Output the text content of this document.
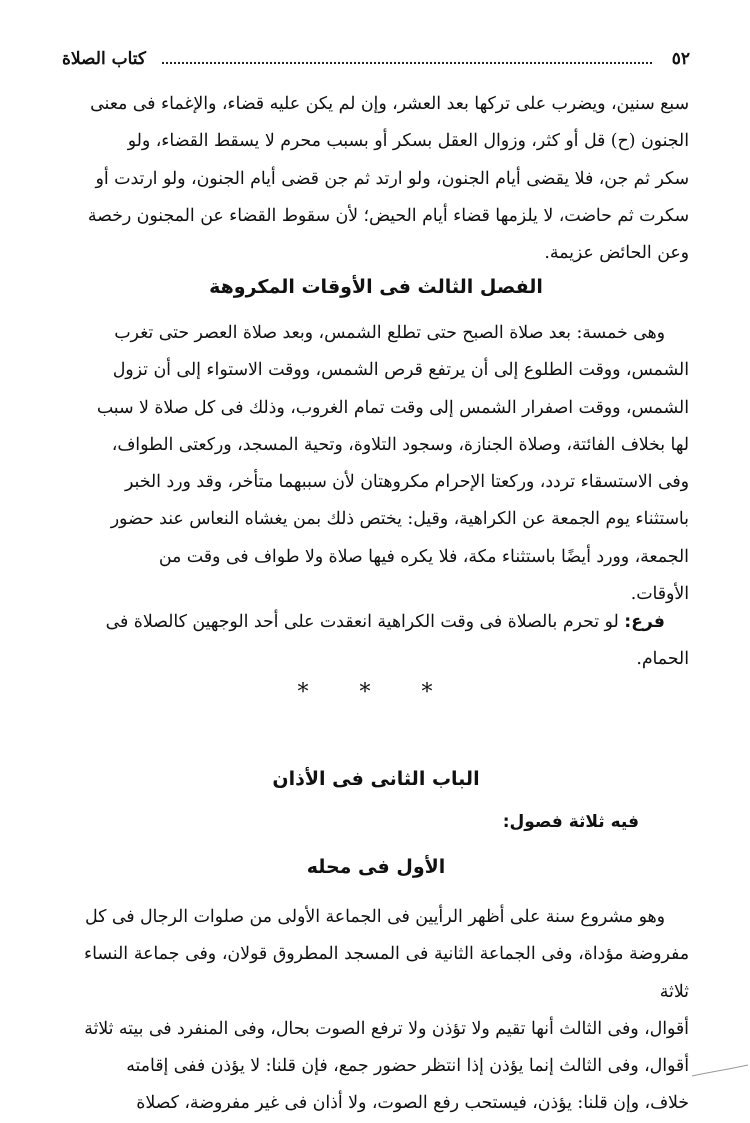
٥٢
كتاب الصلاة
سبع سنين، ويضرب على تركها بعد العشر، وإن لم يكن عليه قضاء، والإغماء فى معنى
الجنون (ح) قل أو كثر، وزوال العقل بسكر أو بسبب محرم لا يسقط القضاء، ولو
سكر ثم جن، فلا يقضى أيام الجنون، ولو ارتد ثم جن قضى أيام الجنون، ولو ارتدت أو
سكرت ثم حاضت، لا يلزمها قضاء أيام الحيض؛ لأن سقوط القضاء عن المجنون رخصة
وعن الحائض عزيمة.
الفصل الثالث فى الأوقات المكروهة
وهى خمسة: بعد صلاة الصبح حتى تطلع الشمس، وبعد صلاة العصر حتى تغرب
الشمس، ووقت الطلوع إلى أن يرتفع قرص الشمس، ووقت الاستواء إلى أن تزول
الشمس، ووقت اصفرار الشمس إلى وقت تمام الغروب، وذلك فى كل صلاة لا سبب
لها بخلاف الفائتة، وصلاة الجنازة، وسجود التلاوة، وتحية المسجد، وركعتى الطواف،
وفى الاستسقاء تردد، وركعتا الإحرام مكروهتان لأن سببهما متأخر، وقد ورد الخبر
باستثناء يوم الجمعة عن الكراهية، وقيل: يختص ذلك بمن يغشاه النعاس عند حضور
الجمعة، وورد أيضًا باستثناء مكة، فلا يكره فيها صلاة ولا طواف فى وقت من
الأوقات.
فرع: لو تحرم بالصلاة فى وقت الكراهية انعقدت على أحد الوجهين كالصلاة فى
الحمام.
* * *
الباب الثانى فى الأذان
فيه ثلاثة فصول:
الأول فى محله
وهو مشروع سنة على أظهر الرأيين فى الجماعة الأولى من صلوات الرجال فى كل
مفروضة مؤداة، وفى الجماعة الثانية فى المسجد المطروق قولان، وفى جماعة النساء ثلاثة
أقوال، وفى الثالث أنها تقيم ولا تؤذن ولا ترفع الصوت بحال، وفى المنفرد فى بيته ثلاثة
أقوال، وفى الثالث إنما يؤذن إذا انتظر حضور جمع، فإن قلنا: لا يؤذن ففى إقامته
خلاف، وإن قلنا: يؤذن، فيستحب رفع الصوت، ولا أذان فى غير مفروضة، كصلاة
